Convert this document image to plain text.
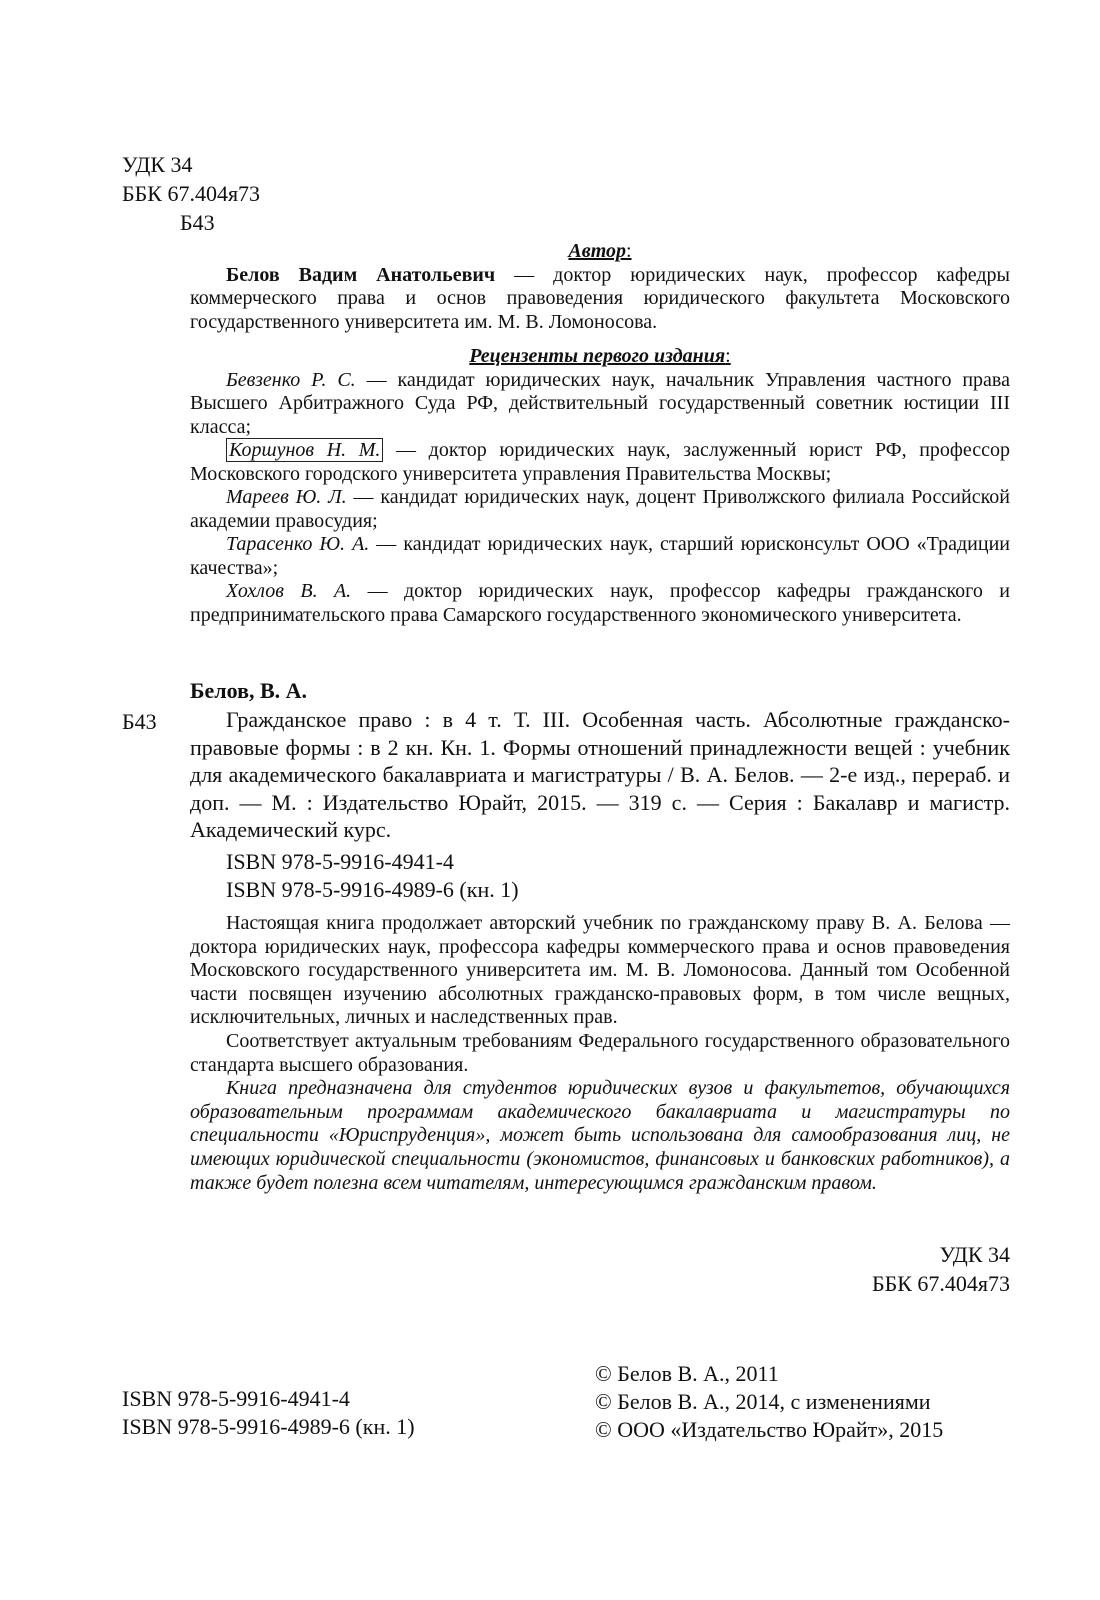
УДК 34
ББК 67.404я73
Б43
Автор:

Белов Вадим Анатольевич — доктор юридических наук, профессор кафедры коммерческого права и основ правоведения юридического факультета Московского государственного университета им. М. В. Ломоносова.

Рецензенты первого издания:

Бевзенко Р. С. — кандидат юридических наук, начальник Управления частного права Высшего Арбитражного Суда РФ, действительный государственный советник юстиции III класса;

Коршунов Н. М. — доктор юридических наук, заслуженный юрист РФ, профессор Московского городского университета управления Правительства Москвы;

Мареев Ю. Л. — кандидат юридических наук, доцент Приволжского филиала Российской академии правосудия;

Тарасенко Ю. А. — кандидат юридических наук, старший юрисконсульт ООО «Традиции качества»;

Хохлов В. А. — доктор юридических наук, профессор кафедры гражданского и предпринимательского права Самарского государственного экономического университета.

Белов, В. А.
Б43	Гражданское право : в 4 т. Т. III. Особенная часть. Абсолютные гражданско-правовые формы : в 2 кн. Кн. 1. Формы отношений принадлежности вещей : учебник для академического бакалавриата и магистратуры / В. А. Белов. — 2-е изд., перераб. и доп. — М. : Издательство Юрайт, 2015. — 319 с. — Серия : Бакалавр и магистр. Академический курс.
ISBN 978-5-9916-4941-4
ISBN 978-5-9916-4989-6 (кн. 1)

Настоящая книга продолжает авторский учебник по гражданскому праву В. А. Белова — доктора юридических наук, профессора кафедры коммерческого права и основ правоведения Московского государственного университета им. М. В. Ломоносова. Данный том Особенной части посвящен изучению абсолютных гражданско-правовых форм, в том числе вещных, исключительных, личных и наследственных прав.

Соответствует актуальным требованиям Федерального государственного образовательного стандарта высшего образования.

Книга предназначена для студентов юридических вузов и факультетов, обучающихся образовательным программам академического бакалавриата и магистратуры по специальности «Юриспруденция», может быть использована для самообразования лиц, не имеющих юридической специальности (экономистов, финансовых и банковских работников), а также будет полезна всем читателям, интересующимся гражданским правом.

УДК 34
ББК 67.404я73
ISBN 978-5-9916-4941-4
ISBN 978-5-9916-4989-6 (кн. 1)
© Белов В. А., 2011
© Белов В. А., 2014, с изменениями
© ООО «Издательство Юрайт», 2015
